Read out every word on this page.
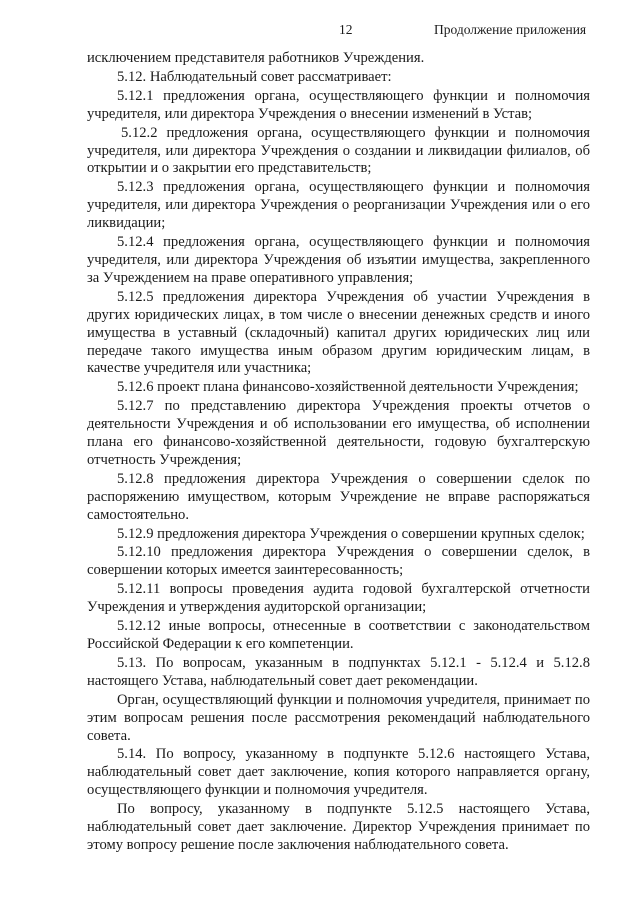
12	Продолжение приложения

исключением представителя работников Учреждения.

5.12. Наблюдательный совет рассматривает:

5.12.1 предложения органа, осуществляющего функции и полномочия учредителя, или директора Учреждения о внесении изменений в Устав;

5.12.2 предложения органа, осуществляющего функции и полномочия учредителя, или директора Учреждения о создании и ликвидации филиалов, об открытии и о закрытии его представительств;

5.12.3 предложения органа, осуществляющего функции и полномочия учредителя, или директора Учреждения о реорганизации Учреждения или о его ликвидации;

5.12.4 предложения органа, осуществляющего функции и полномочия учредителя, или директора Учреждения об изъятии имущества, закрепленного за Учреждением на праве оперативного управления;

5.12.5 предложения директора Учреждения об участии Учреждения в других юридических лицах, в том числе о внесении денежных средств и иного имущества в уставный (складочный) капитал других юридических лиц или передаче такого имущества иным образом другим юридическим лицам, в качестве учредителя или участника;

5.12.6 проект плана финансово-хозяйственной деятельности Учреждения;

5.12.7 по представлению директора Учреждения проекты отчетов о деятельности Учреждения и об использовании его имущества, об исполнении плана его финансово-хозяйственной деятельности, годовую бухгалтерскую отчетность Учреждения;

5.12.8 предложения директора Учреждения о совершении сделок по распоряжению имуществом, которым Учреждение не вправе распоряжаться самостоятельно.

5.12.9 предложения директора Учреждения о совершении крупных сделок;

5.12.10 предложения директора Учреждения о совершении сделок, в совершении которых имеется заинтересованность;

5.12.11 вопросы проведения аудита годовой бухгалтерской отчетности Учреждения и утверждения аудиторской организации;

5.12.12 иные вопросы, отнесенные в соответствии с законодательством Российской Федерации к его компетенции.

5.13. По вопросам, указанным в подпунктах 5.12.1 - 5.12.4 и 5.12.8 настоящего Устава, наблюдательный совет дает рекомендации.

Орган, осуществляющий функции и полномочия учредителя, принимает по этим вопросам решения после рассмотрения рекомендаций наблюдательного совета.

5.14. По вопросу, указанному в подпункте 5.12.6 настоящего Устава, наблюдательный совет дает заключение, копия которого направляется органу, осуществляющего функции и полномочия учредителя.

По вопросу, указанному в подпункте 5.12.5 настоящего Устава, наблюдательный совет дает заключение. Директор Учреждения принимает по этому вопросу решение после заключения наблюдательного совета.
